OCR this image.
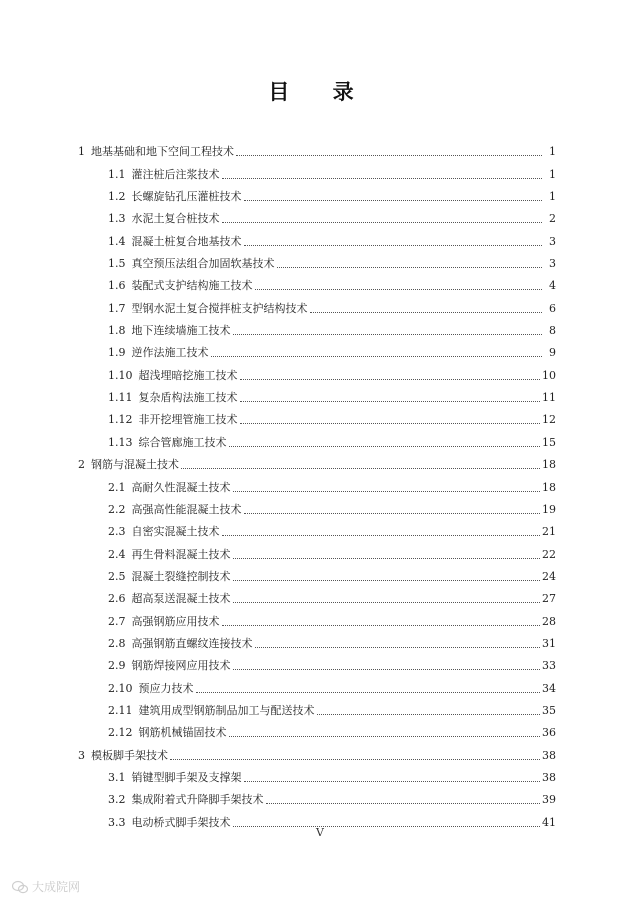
目 录
1 地基基础和地下空间工程技术	1
1.1 灌注桩后注浆技术	1
1.2 长螺旋钻孔压灌桩技术	1
1.3 水泥土复合桩技术	2
1.4 混凝土桩复合地基技术	3
1.5 真空预压法组合加固软基技术	3
1.6 装配式支护结构施工技术	4
1.7 型钢水泥土复合搅拌桩支护结构技术	6
1.8 地下连续墙施工技术	8
1.9 逆作法施工技术	9
1.10 超浅埋暗挖施工技术	10
1.11 复杂盾构法施工技术	11
1.12 非开挖埋管施工技术	12
1.13 综合管廊施工技术	15
2 钢筋与混凝土技术	18
2.1 高耐久性混凝土技术	18
2.2 高强高性能混凝土技术	19
2.3 自密实混凝土技术	21
2.4 再生骨料混凝土技术	22
2.5 混凝土裂缝控制技术	24
2.6 超高泵送混凝土技术	27
2.7 高强钢筋应用技术	28
2.8 高强钢筋直螺纹连接技术	31
2.9 钢筋焊接网应用技术	33
2.10 预应力技术	34
2.11 建筑用成型钢筋制品加工与配送技术	35
2.12 钢筋机械锚固技术	36
3 模板脚手架技术	38
3.1 销键型脚手架及支撑架	38
3.2 集成附着式升降脚手架技术	39
3.3 电动桥式脚手架技术	41
V
大成院网
